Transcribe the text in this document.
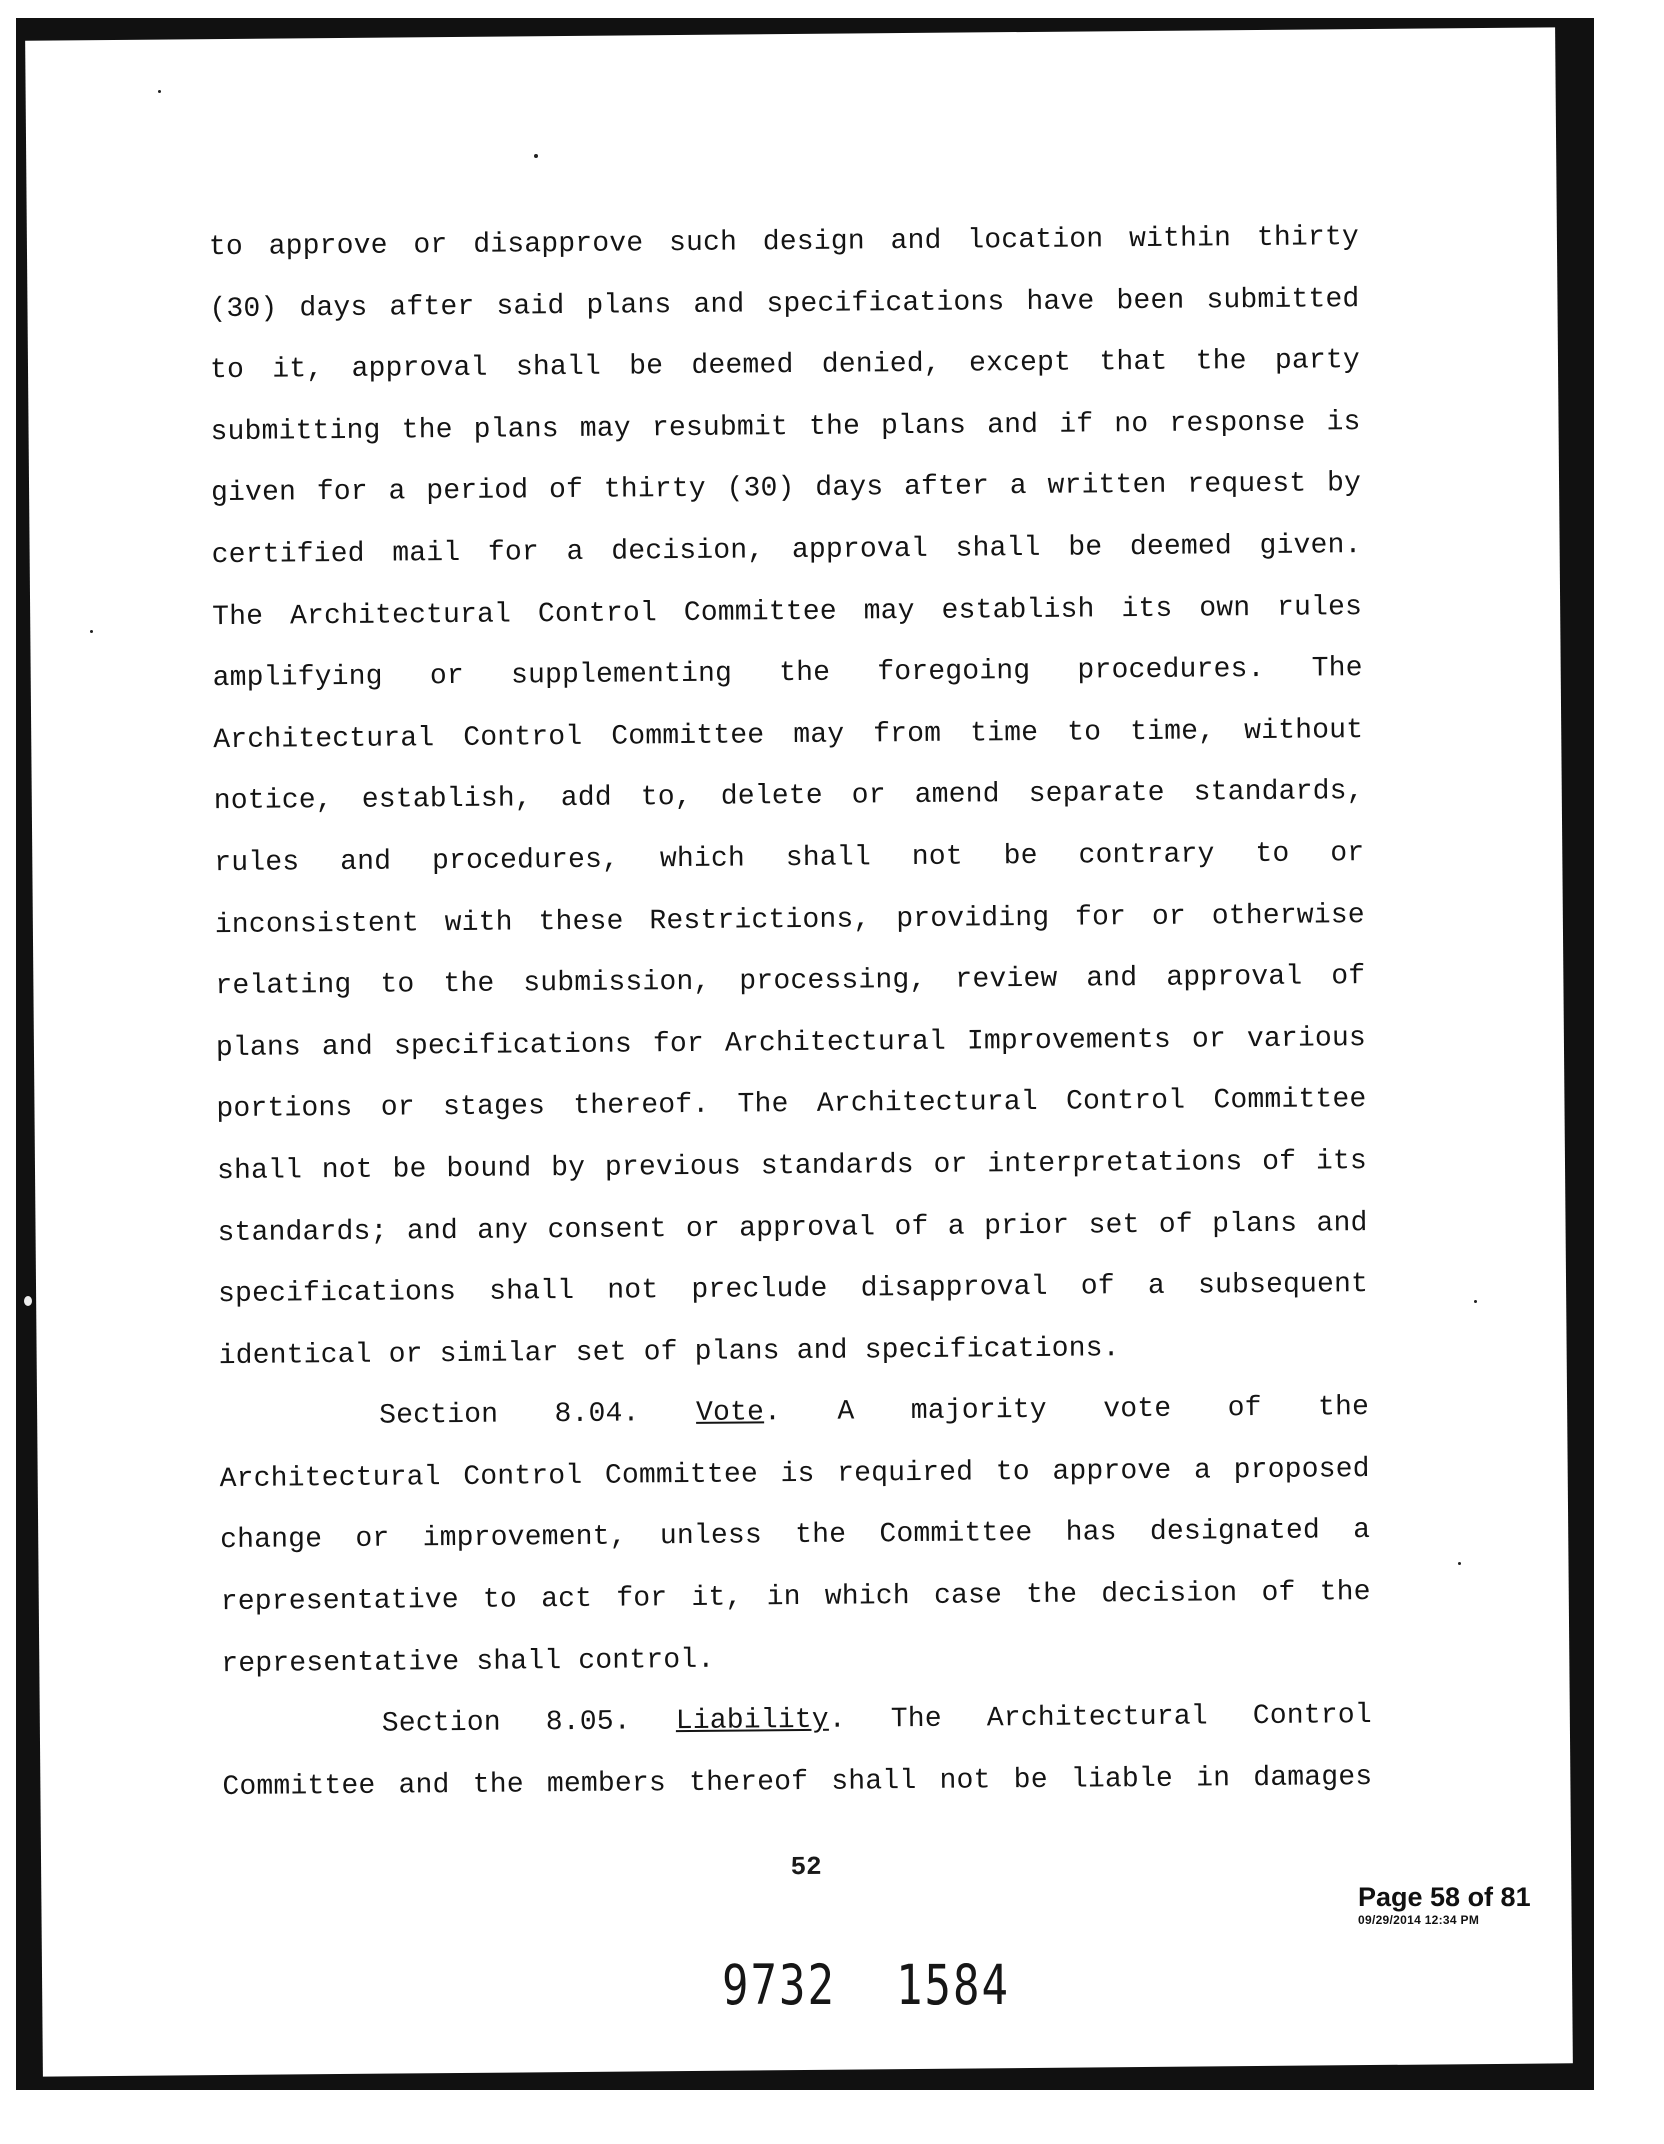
to approve or disapprove such design and location within thirty
(30) days after said plans and specifications have been submitted
to it, approval shall be deemed denied, except that the party
submitting the plans may resubmit the plans and if no response is
given for a period of thirty (30) days after a written request by
certified mail for a decision, approval shall be deemed given.
The Architectural Control Committee may establish its own rules
amplifying or supplementing the foregoing procedures. The
Architectural Control Committee may from time to time, without
notice, establish, add to, delete or amend separate standards,
rules and procedures, which shall not be contrary to or
inconsistent with these Restrictions, providing for or otherwise
relating to the submission, processing, review and approval of
plans and specifications for Architectural Improvements or various
portions or stages thereof. The Architectural Control Committee
shall not be bound by previous standards or interpretations of its
standards; and any consent or approval of a prior set of plans and
specifications shall not preclude disapproval of a subsequent
identical or similar set of plans and specifications.
Section 8.04. Vote. A majority vote of the
Architectural Control Committee is required to approve a proposed
change or improvement, unless the Committee has designated a
representative to act for it, in which case the decision of the
representative shall control.
Section 8.05. Liability. The Architectural Control
Committee and the members thereof shall not be liable in damages
52
Page 58 of 81
09/29/2014 12:34 PM
9732 1584
